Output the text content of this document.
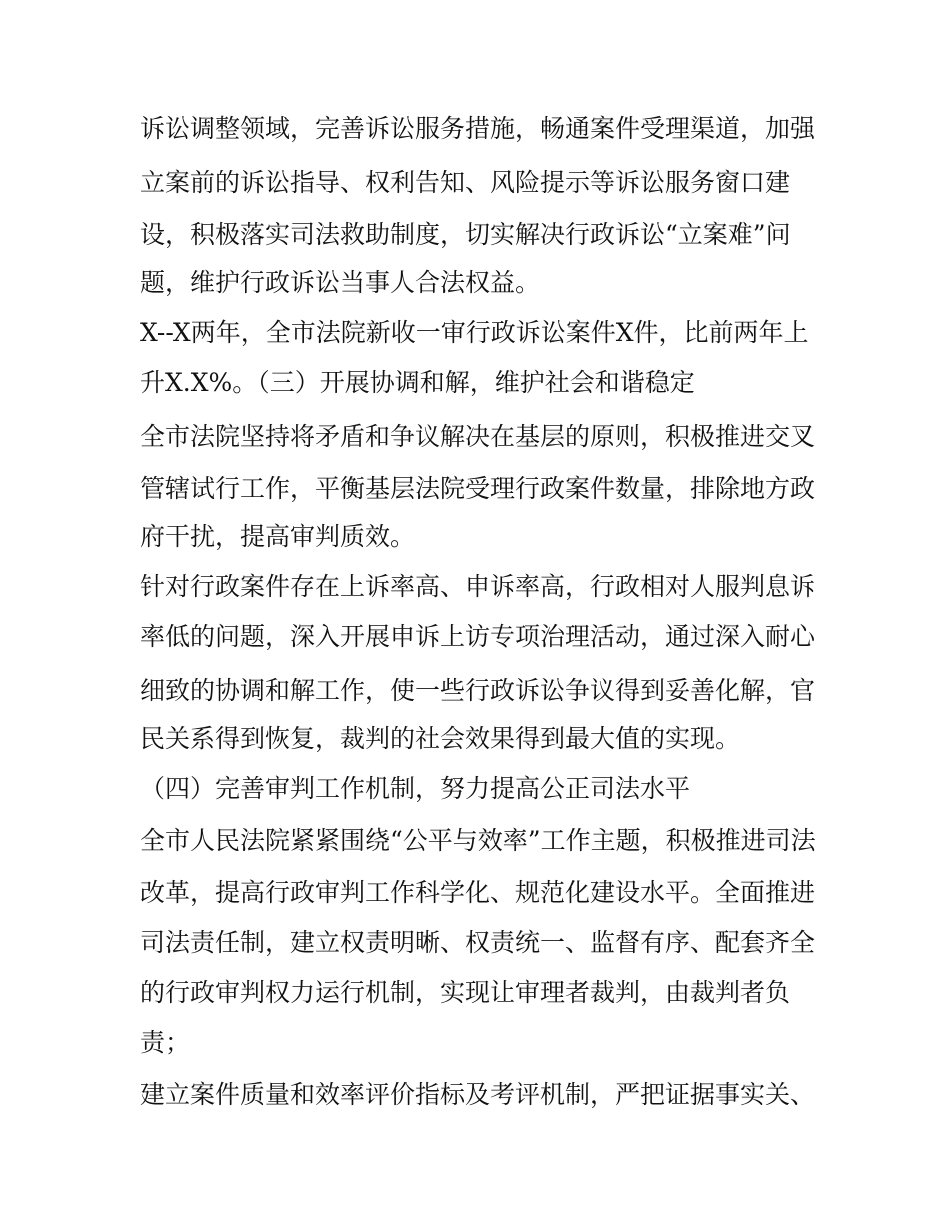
诉讼调整领域，完善诉讼服务措施，畅通案件受理渠道，加强

立案前的诉讼指导、权利告知、风险提示等诉讼服务窗口建

设，积极落实司法救助制度，切实解决行政诉讼“立案难”问

题，维护行政诉讼当事人合法权益。

X--X两年，全市法院新收一审行政诉讼案件X件，比前两年上

升X.X%。（三）开展协调和解，维护社会和谐稳定

全市法院坚持将矛盾和争议解决在基层的原则，积极推进交叉

管辖试行工作，平衡基层法院受理行政案件数量，排除地方政

府干扰，提高审判质效。

针对行政案件存在上诉率高、申诉率高，行政相对人服判息诉

率低的问题，深入开展申诉上访专项治理活动，通过深入耐心

细致的协调和解工作，使一些行政诉讼争议得到妥善化解，官

民关系得到恢复，裁判的社会效果得到最大值的实现。

（四）完善审判工作机制，努力提高公正司法水平

全市人民法院紧紧围绕“公平与效率”工作主题，积极推进司法

改革，提高行政审判工作科学化、规范化建设水平。全面推进

司法责任制，建立权责明晰、权责统一、监督有序、配套齐全

的行政审判权力运行机制，实现让审理者裁判，由裁判者负

责；

建立案件质量和效率评价指标及考评机制，严把证据事实关、
